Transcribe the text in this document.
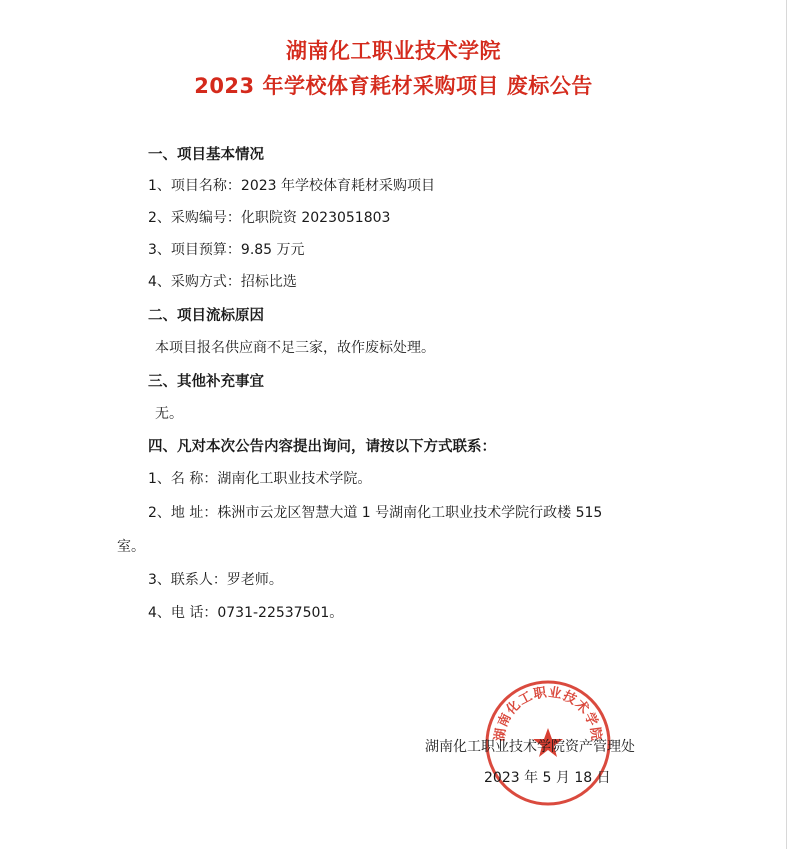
湖南化工职业技术学院
2023 年学校体育耗材采购项目 废标公告
一、项目基本情况
1、项目名称：2023 年学校体育耗材采购项目
2、采购编号：化职院资 2023051803
3、项目预算：9.85 万元
4、采购方式：招标比选
二、项目流标原因
本项目报名供应商不足三家，故作废标处理。
三、其他补充事宜
无。
四、凡对本次公告内容提出询问，请按以下方式联系：
1、名 称：湖南化工职业技术学院。
2、地 址：株洲市云龙区智慧大道 1 号湖南化工职业技术学院行政楼 515
室。
3、联系人：罗老师。
4、电 话：0731-22537501。
湖南化工职业技术学院
湖南化工职业技术学院资产管理处
2023 年 5 月 18 日
